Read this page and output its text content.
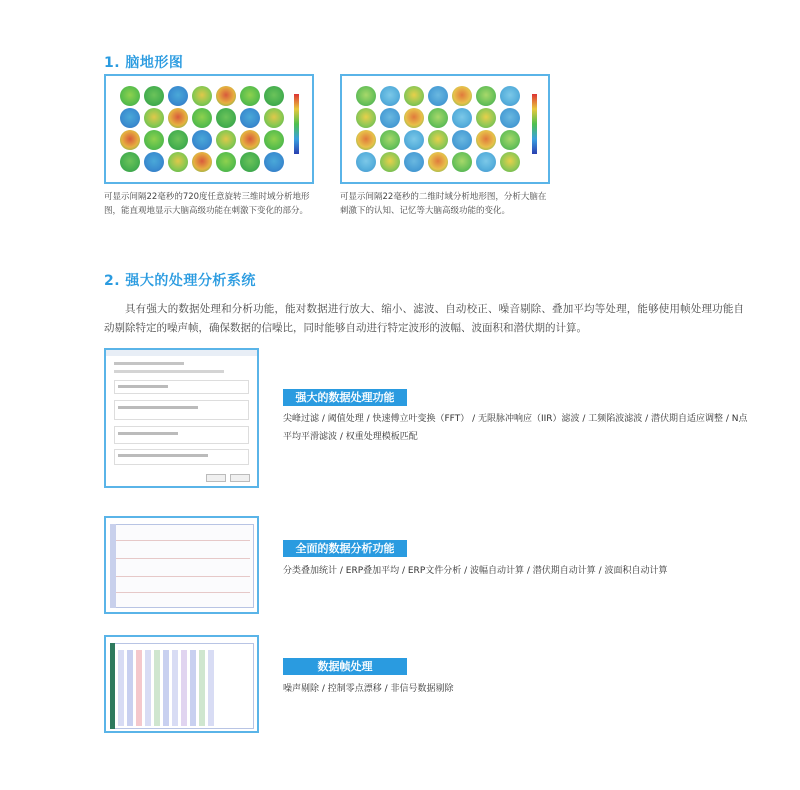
1. 脑地形图
可显示间隔22毫秒的720度任意旋转三维时域分析地形图，能直观地显示大脑高级功能在刺激下变化的部分。
可显示间隔22毫秒的二维时域分析地形图，分析大脑在刺激下的认知、记忆等大脑高级功能的变化。
2. 强大的处理分析系统
具有强大的数据处理和分析功能，能对数据进行放大、缩小、滤波、自动校正、噪音剔除、叠加平均等处理，能够使用帧处理功能自动剔除特定的噪声帧，确保数据的信噪比，同时能够自动进行特定波形的波幅、波面积和潜伏期的计算。
强大的数据处理功能
尖峰过滤 / 阈值处理 / 快速傅立叶变换（FFT） / 无限脉冲响应（IIR）滤波 / 工频陷波滤波 / 潜伏期自适应调整 / N点平均平滑滤波 / 权重处理模板匹配
全面的数据分析功能
分类叠加统计 / ERP叠加平均 / ERP文件分析 / 波幅自动计算 / 潜伏期自动计算 / 波面积自动计算
数据帧处理
噪声剔除 / 控制零点漂移 / 非信号数据剔除
